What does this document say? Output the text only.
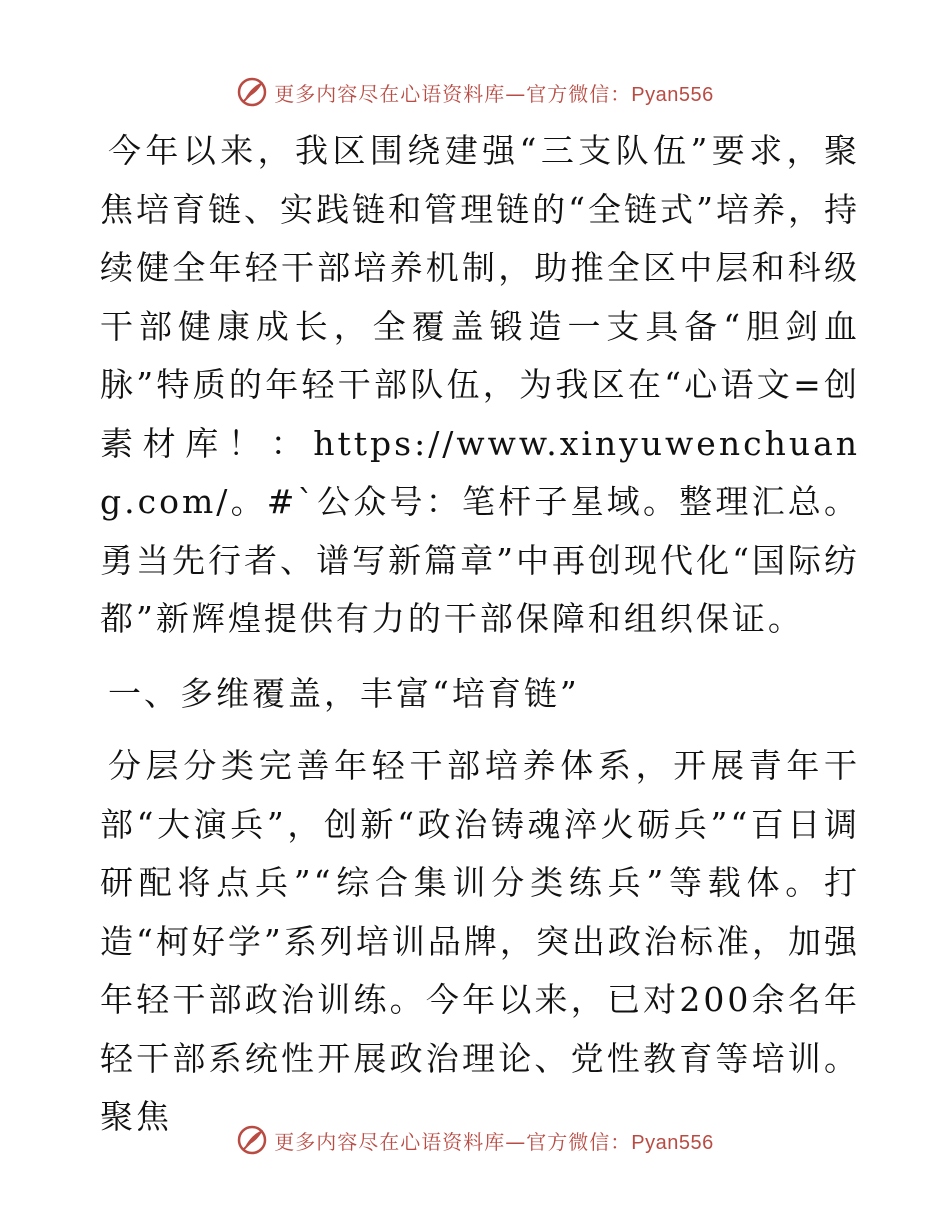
更多内容尽在心语资料库—官方微信：Pyan556

今年以来，我区围绕建强“三支队伍”要求，聚焦培育链、实践链和管理链的“全链式”培养，持续健全年轻干部培养机制，助推全区中层和科级干部健康成长，全覆盖锻造一支具备“胆剑血脉”特质的年轻干部队伍，为我区在“心语文=创素材库！：https://www.xinyuwenchuang.com/。#`公众号：笔杆子星域。整理汇总。勇当先行者、谱写新篇章”中再创现代化“国际纺都”新辉煌提供有力的干部保障和组织保证。

一、多维覆盖，丰富“培育链”

分层分类完善年轻干部培养体系，开展青年干部“大演兵”，创新“政治铸魂淬火砺兵”“百日调研配将点兵”“综合集训分类练兵”等载体。打造“柯好学”系列培训品牌，突出政治标准，加强年轻干部政治训练。今年以来，已对200余名年轻干部系统性开展政治理论、党性教育等培训。聚焦

更多内容尽在心语资料库—官方微信：Pyan556
